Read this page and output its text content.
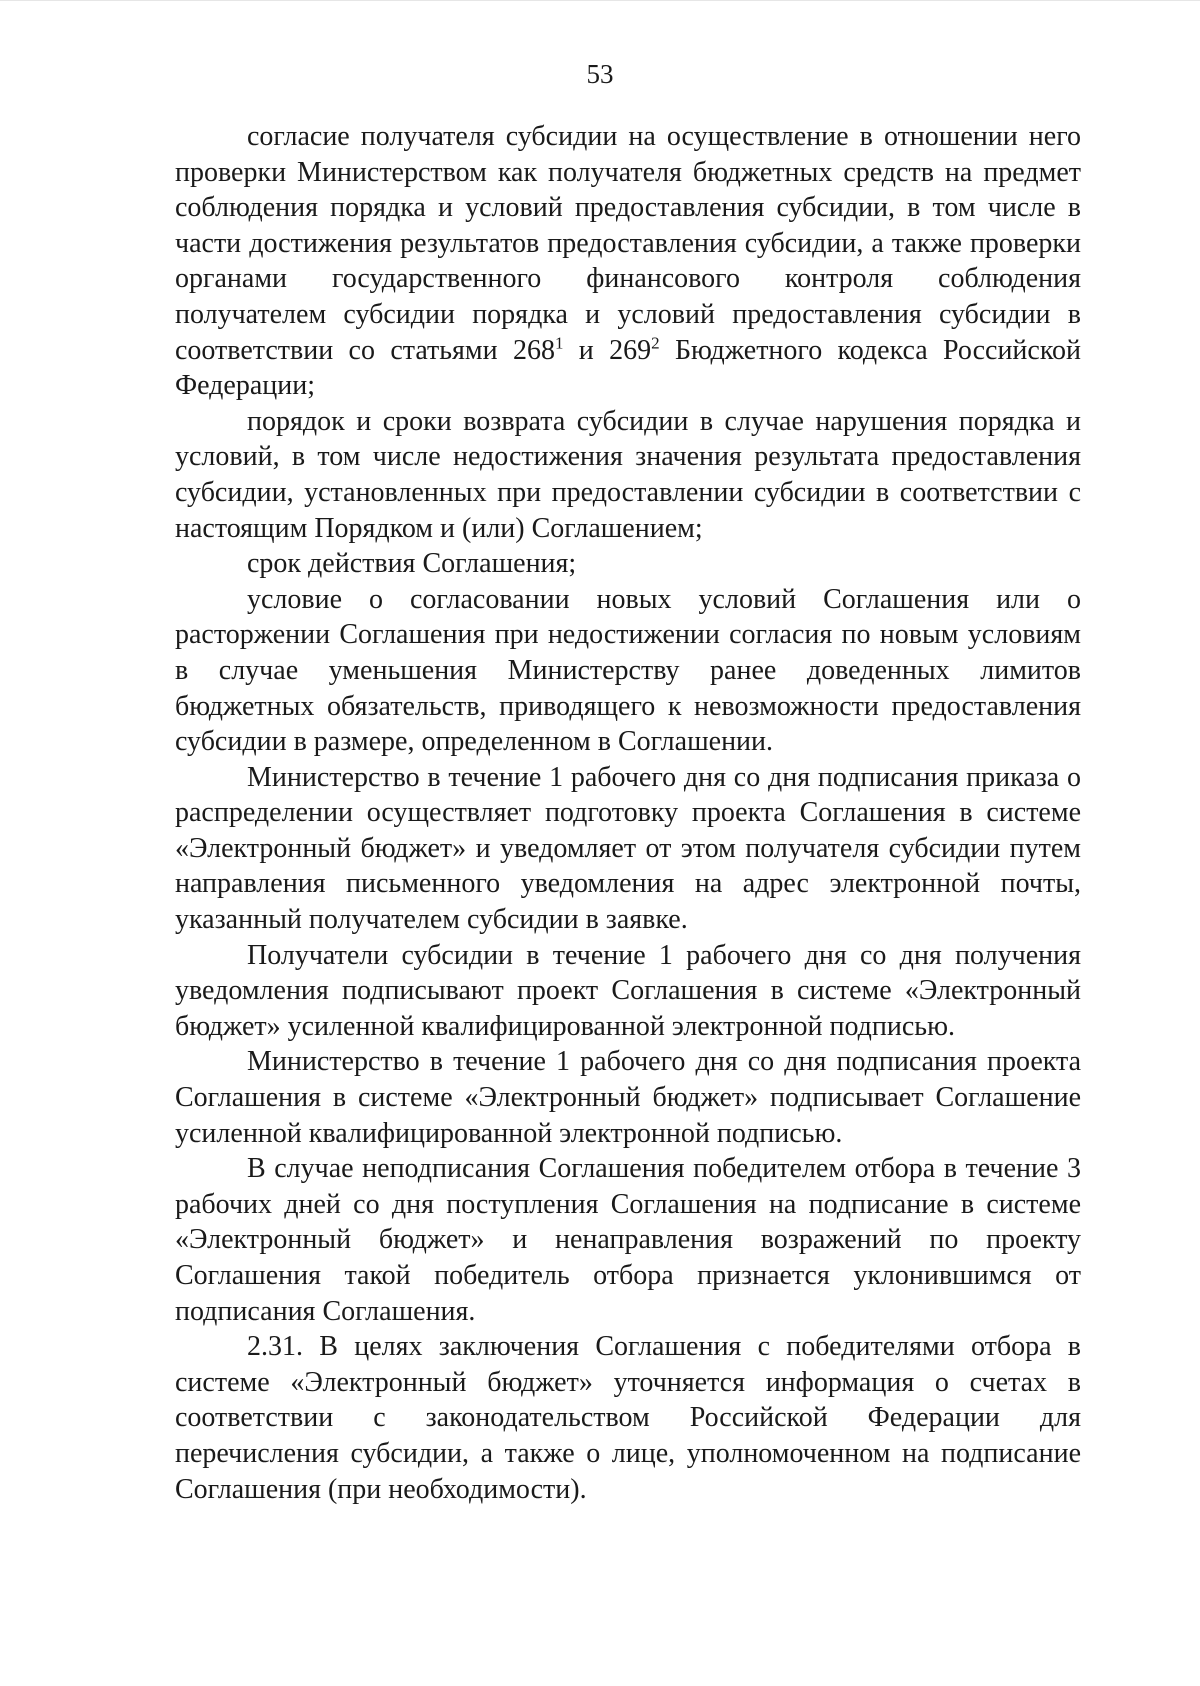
53

согласие получателя субсидии на осуществление в отношении него проверки Министерством как получателя бюджетных средств на предмет соблюдения порядка и условий предоставления субсидии, в том числе в части достижения результатов предоставления субсидии, а также проверки органами государственного финансового контроля соблюдения получателем субсидии порядка и условий предоставления субсидии в соответствии со статьями $268^1$ и $269^2$ Бюджетного кодекса Российской Федерации;

порядок и сроки возврата субсидии в случае нарушения порядка и условий, в том числе недостижения значения результата предоставления субсидии, установленных при предоставлении субсидии в соответствии с настоящим Порядком и (или) Соглашением;

срок действия Соглашения;

условие о согласовании новых условий Соглашения или о расторжении Соглашения при недостижении согласия по новым условиям в случае уменьшения Министерству ранее доведенных лимитов бюджетных обязательств, приводящего к невозможности предоставления субсидии в размере, определенном в Соглашении.

Министерство в течение 1 рабочего дня со дня подписания приказа о распределении осуществляет подготовку проекта Соглашения в системе «Электронный бюджет» и уведомляет от этом получателя субсидии путем направления письменного уведомления на адрес электронной почты, указанный получателем субсидии в заявке.

Получатели субсидии в течение 1 рабочего дня со дня получения уведомления подписывают проект Соглашения в системе «Электронный бюджет» усиленной квалифицированной электронной подписью.

Министерство в течение 1 рабочего дня со дня подписания проекта Соглашения в системе «Электронный бюджет» подписывает Соглашение усиленной квалифицированной электронной подписью.

В случае неподписания Соглашения победителем отбора в течение 3 рабочих дней со дня поступления Соглашения на подписание в системе «Электронный бюджет» и ненаправления возражений по проекту Соглашения такой победитель отбора признается уклонившимся от подписания Соглашения.

2.31. В целях заключения Соглашения с победителями отбора в системе «Электронный бюджет» уточняется информация о счетах в соответствии с законодательством Российской Федерации для перечисления субсидии, а также о лице, уполномоченном на подписание Соглашения (при необходимости).
